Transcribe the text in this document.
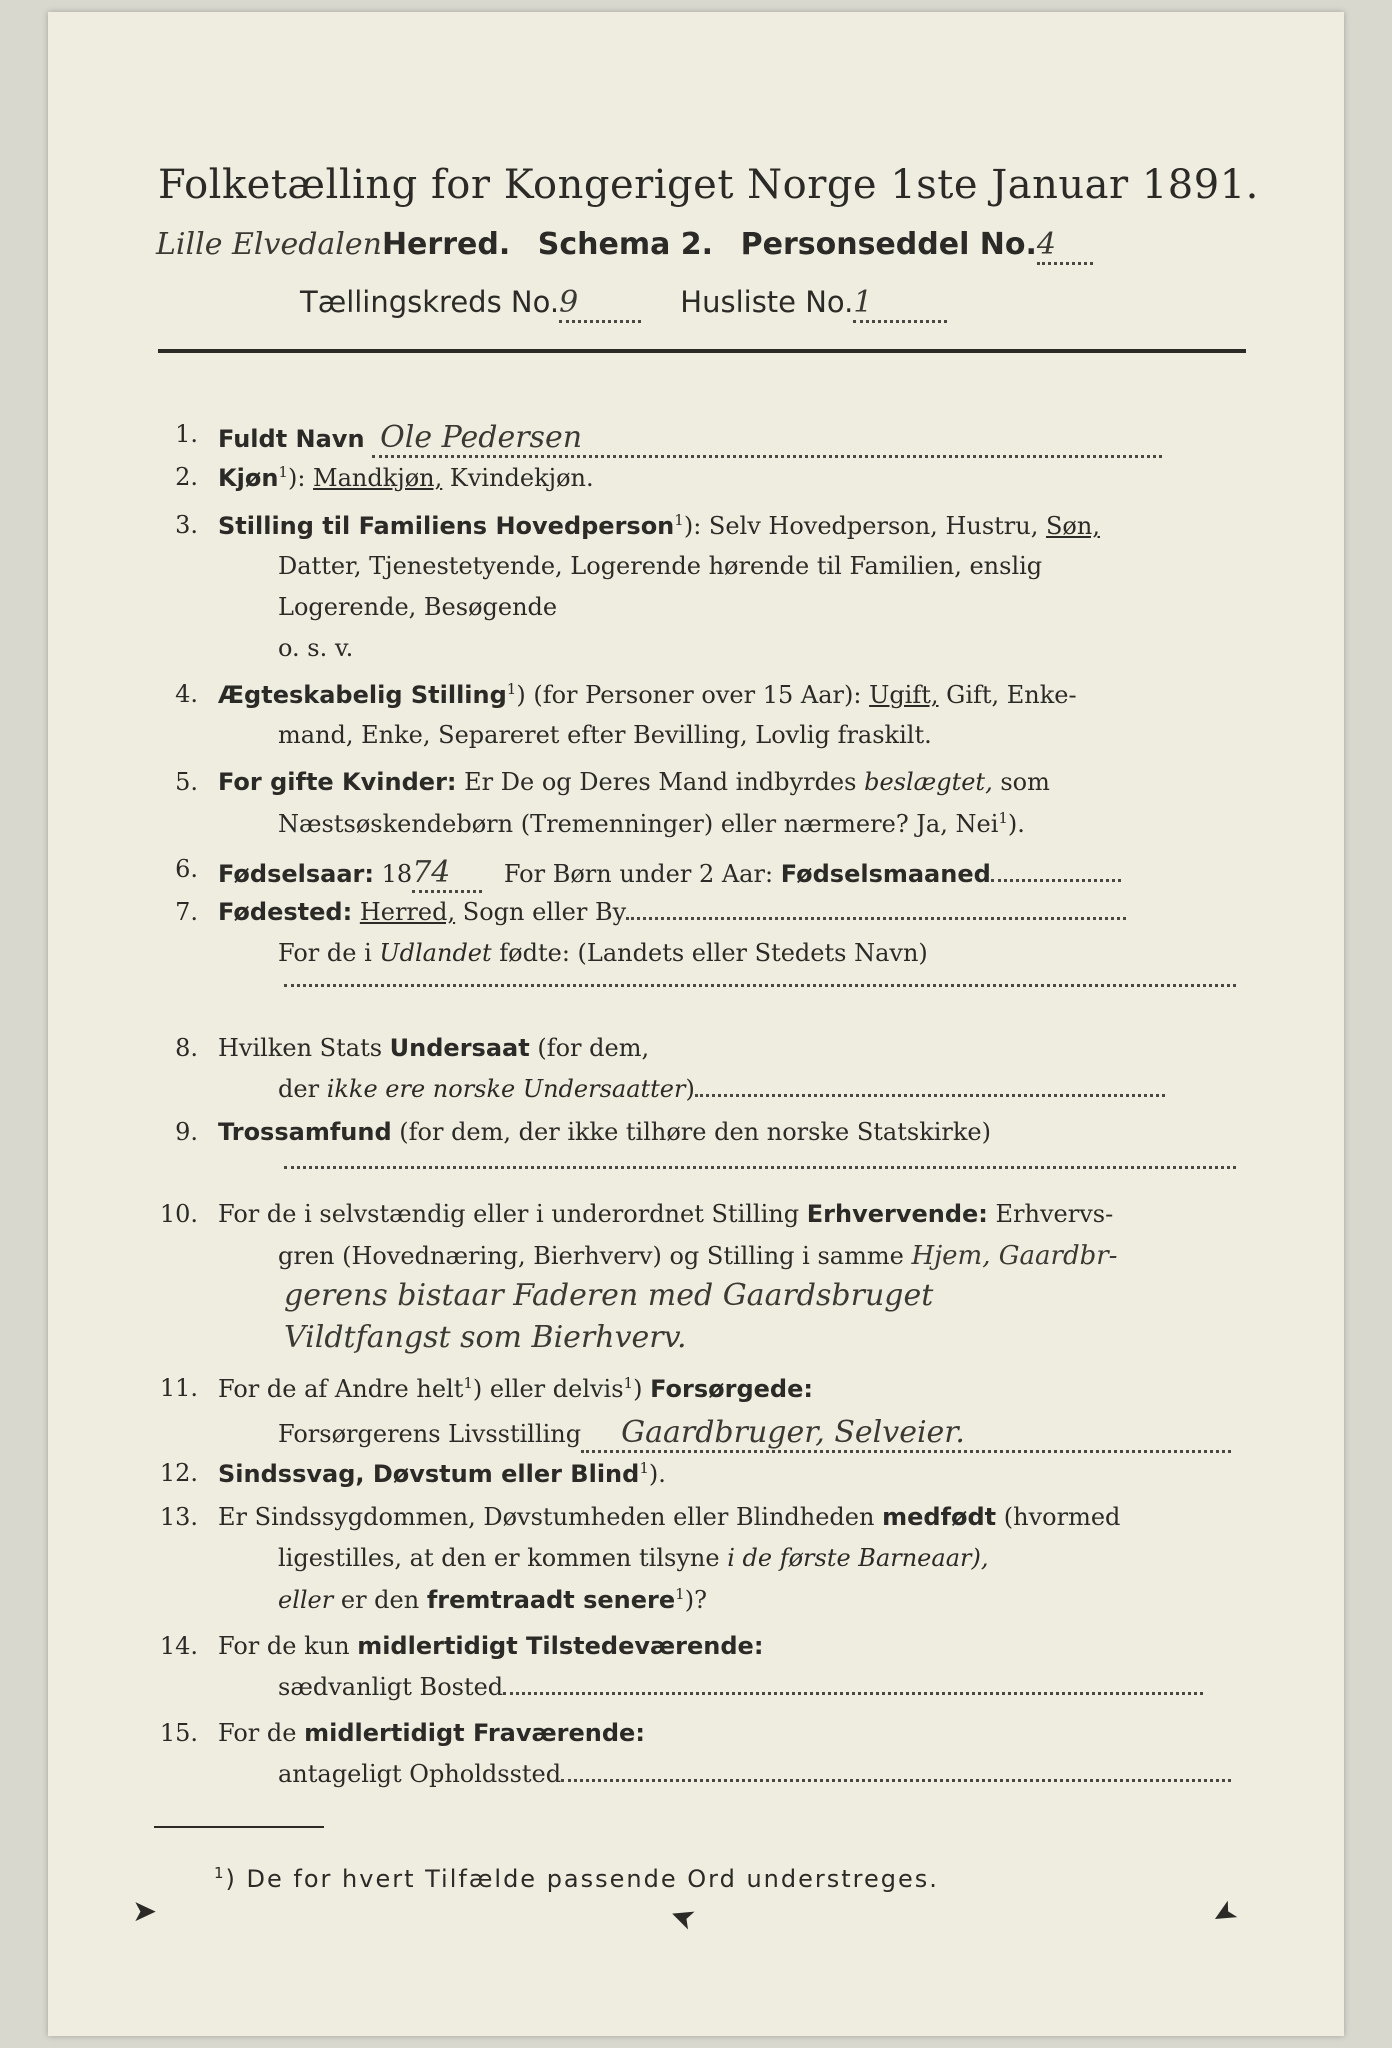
Folketælling for Kongeriget Norge 1ste Januar 1891.
Lille ElvedalenHerred. Schema 2. Personseddel No.4
Tællingskreds No.9	Husliste No.1
1. Fuldt Navn Ole Pedersen
2. Kjøn$^1$): Mandkjøn, Kvindekjøn.
3. Stilling til Familiens Hovedperson$^1$): Selv Hovedperson, Hustru, Søn,
Datter, Tjenestetyende, Logerende hørende til Familien, enslig
Logerende, Besøgende
o. s. v.
4. Ægteskabelig Stilling$^1$) (for Personer over 15 Aar): Ugift, Gift, Enke-
mand, Enke, Separeret efter Bevilling, Lovlig fraskilt.
5. For gifte Kvinder: Er De og Deres Mand indbyrdes beslægtet, som
Næstsøskendebørn (Tremenninger) eller nærmere? Ja, Nei$^1$).
6. Fødselsaar: 1874 For Børn under 2 Aar: Fødselsmaaned
7. Fødested: Herred, Sogn eller By
For de i Udlandet fødte: (Landets eller Stedets Navn)
8. Hvilken Stats Undersaat (for dem,
der ikke ere norske Undersaatter)
9. Trossamfund (for dem, der ikke tilhøre den norske Statskirke)
10. For de i selvstændig eller i underordnet Stilling Erhvervende: Erhvervs-
gren (Hovednæring, Bierhverv) og Stilling i samme Hjem, Gaardbr-
gerens bistaar Faderen med Gaardsbruget
Vildtfangst som Bierhverv.
11. For de af Andre helt$^1$) eller delvis$^1$) Forsørgede:
Forsørgerens Livsstilling Gaardbruger, Selveier.
12. Sindssvag, Døvstum eller Blind$^1$).
13. Er Sindssygdommen, Døvstumheden eller Blindheden medfødt (hvormed
ligestilles, at den er kommen tilsyne i de første Barneaar),
eller er den fremtraadt senere$^1$)?
14. For de kun midlertidigt Tilstedeværende:
sædvanligt Bosted
15. For de midlertidigt Fraværende:
antageligt Opholdssted
$^1$) De for hvert Tilfælde passende Ord understreges.
➤	➤	➤
